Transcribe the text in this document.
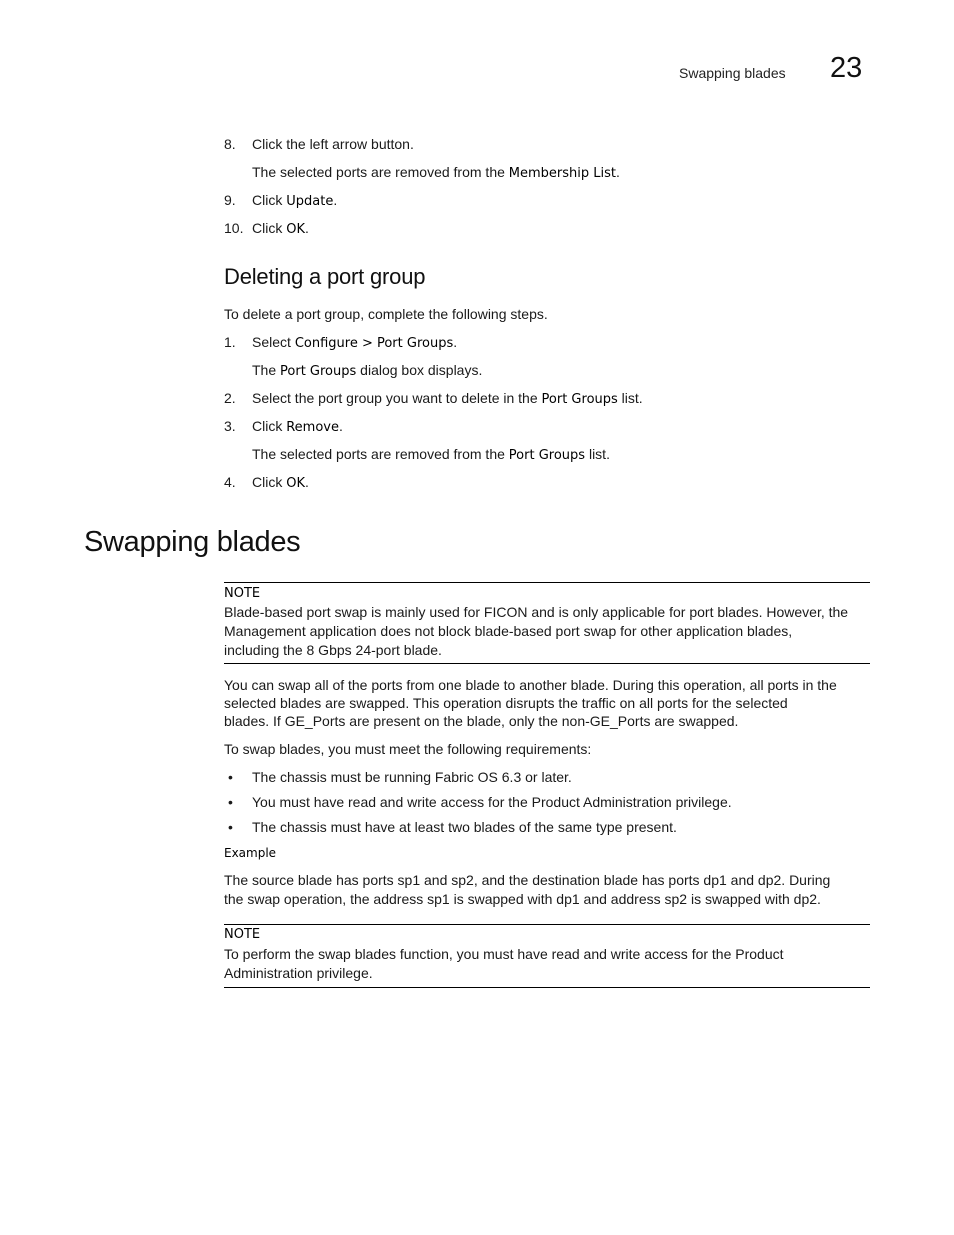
Swapping blades 23
8.	Click the left arrow button.
The selected ports are removed from the Membership List.
9.	Click Update.
10. Click OK.
Deleting a port group
To delete a port group, complete the following steps.
1.	Select Configure > Port Groups.
The Port Groups dialog box displays.
2.	Select the port group you want to delete in the Port Groups list.
3.	Click Remove.
The selected ports are removed from the Port Groups list.
4.	Click OK.
Swapping blades
NOTE
Blade-based port swap is mainly used for FICON and is only applicable for port blades. However, the
Management application does not block blade-based port swap for other application blades,
including the 8 Gbps 24-port blade.
You can swap all of the ports from one blade to another blade. During this operation, all ports in the
selected blades are swapped. This operation disrupts the traffic on all ports for the selected
blades. If GE_Ports are present on the blade, only the non-GE_Ports are swapped.
To swap blades, you must meet the following requirements:
• The chassis must be running Fabric OS 6.3 or later.
• You must have read and write access for the Product Administration privilege.
• The chassis must have at least two blades of the same type present.
Example
The source blade has ports sp1 and sp2, and the destination blade has ports dp1 and dp2. During
the swap operation, the address sp1 is swapped with dp1 and address sp2 is swapped with dp2.
NOTE
To perform the swap blades function, you must have read and write access for the Product
Administration privilege.
